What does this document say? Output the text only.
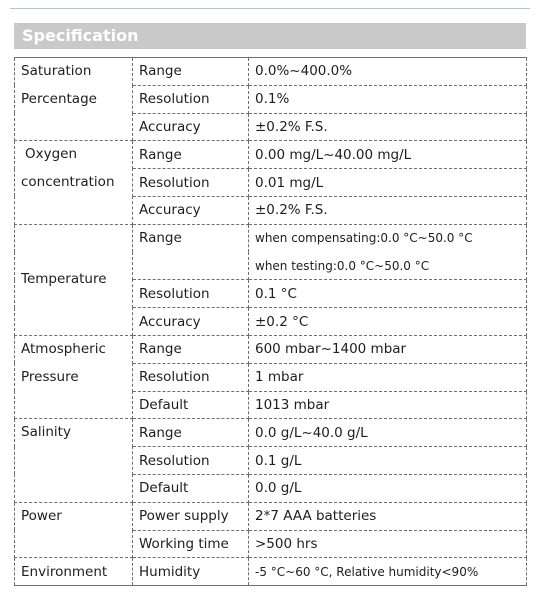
Specification
Saturation
Percentage	Range	0.0%~400.0%
	Resolution	0.1%
	Accuracy	±0.2% F.S.

Oxygen
concentration	Range	0.00 mg/L~40.00 mg/L
	Resolution	0.01 mg/L
	Accuracy	±0.2% F.S.
Temperature	Range	when compensating:0.0 °C~50.0 °C
		when testing:0.0 °C~50.0 °C
	Resolution	0.1 °C
	Accuracy	±0.2 °C

Atmospheric
Pressure	Range	600 mbar~1400 mbar
	Resolution	1 mbar
	Default	1013 mbar
Salinity	Range	0.0 g/L~40.0 g/L
	Resolution	0.1 g/L
	Default	0.0 g/L
Power	Power supply	2*7 AAA batteries
	Working time	>500 hrs
Environment	Humidity	-5 °C~60 °C, Relative humidity<90%
